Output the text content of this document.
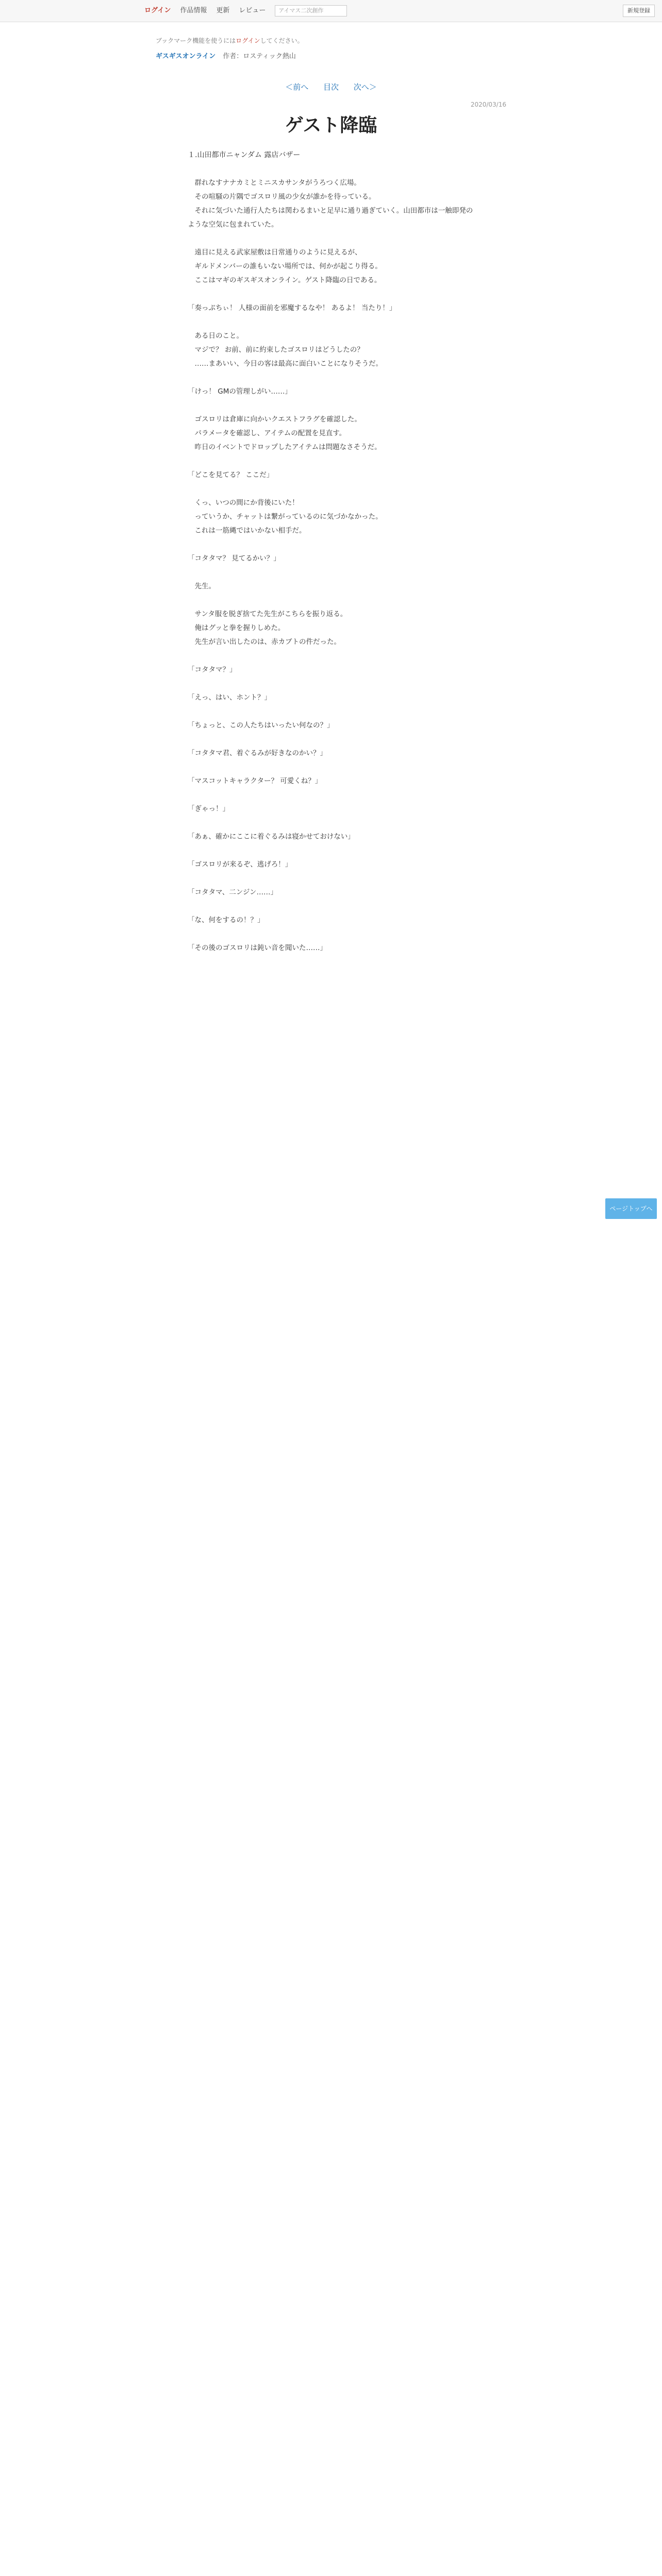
ログイン 作品情報 更新 レビュー	アイマス二次創作	新規登録
ブックマーク機能を使うにはログインしてください。
ギスギスオンライン 作者：ロスティック熱山
＜前へ 目次 次へ＞
2020/03/16
ゲスト降臨
１.山田都市ニャンダム 露店バザー
　群れなすナナカミとミニスカサンタがうろつく広場。
　その喧騒の片隅でゴスロリ風の少女が誰かを待っている。
　それに気づいた通行人たちは関わるまいと足早に通り過ぎていく。山田都市は一触即発のような空気に包まれていた。
　遠目に見える武家屋敷は日常通りのように見えるが、
　ギルドメンバーの誰もいない場所では、何かが起こり得る。
　ここはマギのギスギスオンライン。ゲスト降臨の日である。
「奏っぷちぃ！ 人様の面前を邪魔するなや！ あるよ！ 当たり！」
　ある日のこと。
　マジで？ お前、前に約束したゴスロリはどうしたの？
　……まあいい、今日の客は最高に面白いことになりそうだ。
「けっ！ GMの管理しがい……」
　ゴスロリは倉庫に向かいクエストフラグを確認した。
　パラメータを確認し、アイテムの配置を見直す。
　昨日のイベントでドロップしたアイテムは問題なさそうだ。
「どこを見てる？ ここだ」
　くっ、いつの間にか背後にいた！
　っていうか、チャットは繋がっているのに気づかなかった。
　これは一筋縄ではいかない相手だ。
「コタタマ？ 見てるかい？」
　先生。
　サンタ服を脱ぎ捨てた先生がこちらを振り返る。
　俺はグッと拳を握りしめた。
　先生が言い出したのは、赤カブトの件だった。
「コタタマ？」
「えっ、はい、ホント？」
「ちょっと、この人たちはいったい何なの？」
「コタタマ君、着ぐるみが好きなのかい？」
「マスコットキャラクター？ 可愛くね？」
「ぎゃっ！」
「あぁ、確かにここに着ぐるみは寝かせておけない」
「ゴスロリが来るぞ、逃げろ！」
「コタタマ、二ンジン……」
「な、何をするの！？」
「その後のゴスロリは鈍い音を聞いた……」
ページトップへ
